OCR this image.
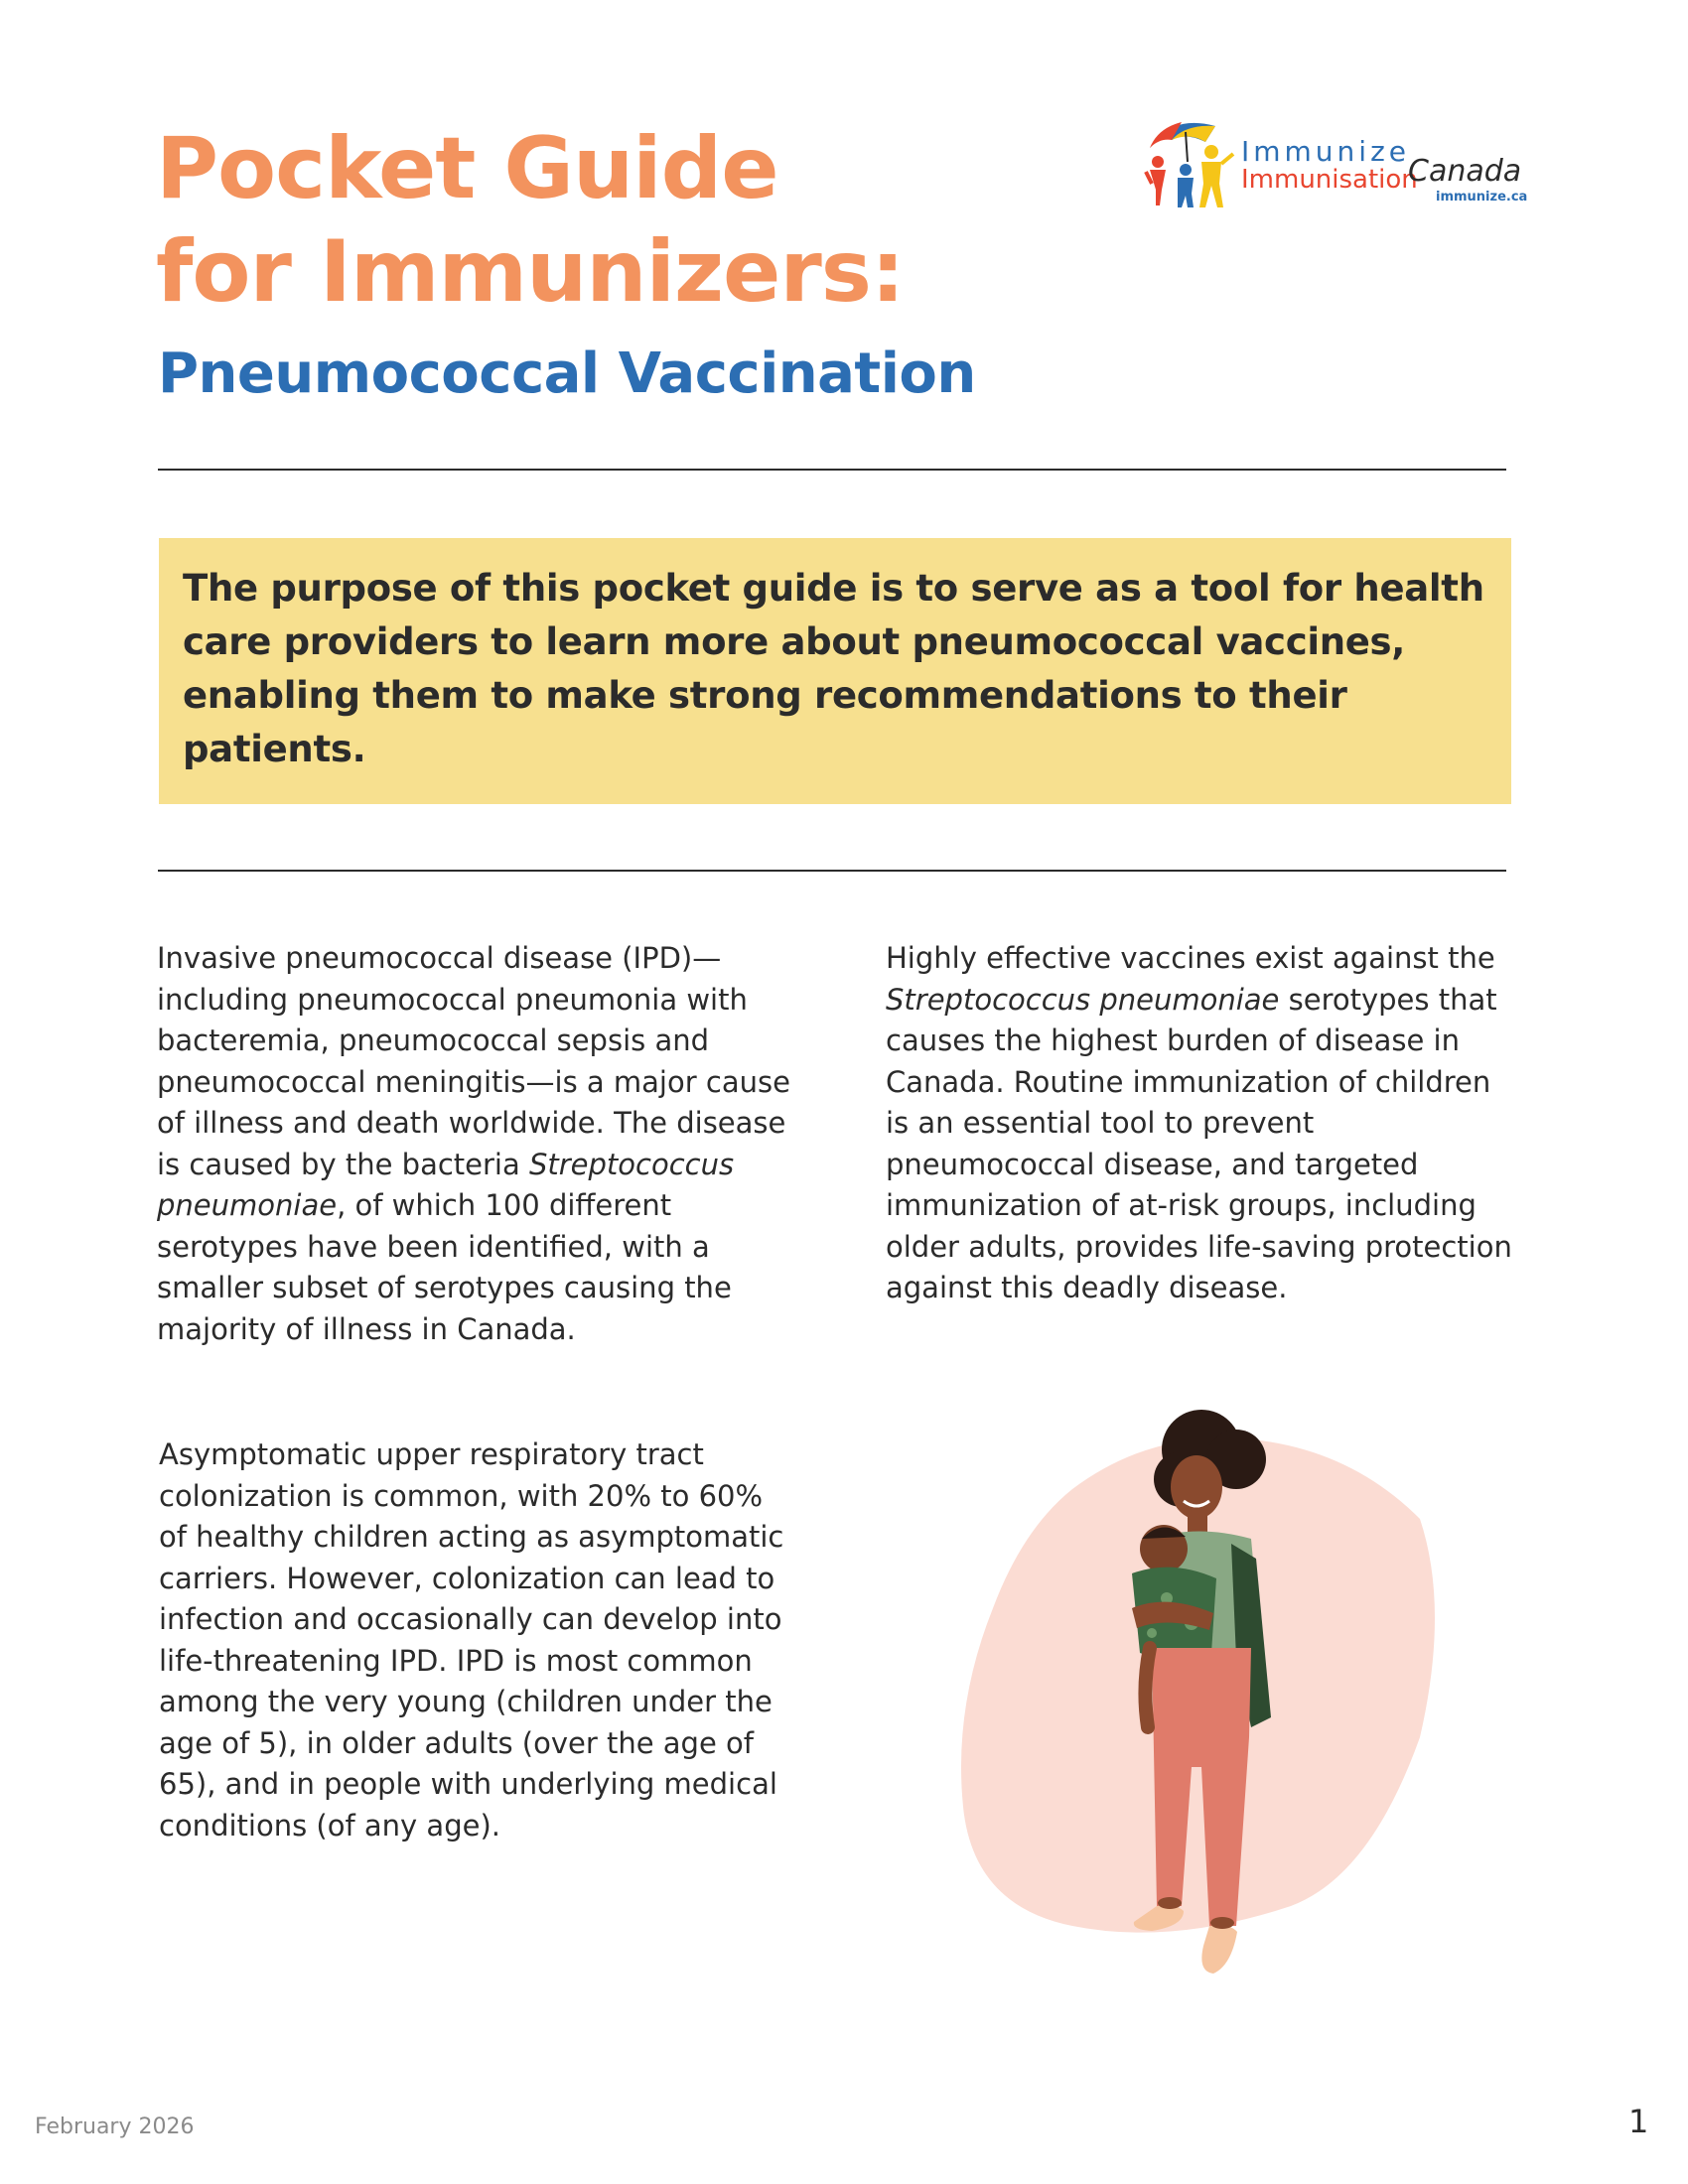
Pocket Guide
for Immunizers:
Pneumococcal Vaccination
Immunize
Immunisation
Canada
immunize.ca

The purpose of this pocket guide is to serve as a tool for health care providers to learn more about pneumococcal vaccines, enabling them to make strong recommendations to their patients.

Invasive pneumococcal disease (IPD)—including pneumococcal pneumonia with bacteremia, pneumococcal sepsis and pneumococcal meningitis—is a major cause of illness and death worldwide. The disease is caused by the bacteria Streptococcus pneumoniae, of which 100 different serotypes have been identified, with a smaller subset of serotypes causing the majority of illness in Canada.

Asymptomatic upper respiratory tract colonization is common, with 20% to 60% of healthy children acting as asymptomatic carriers. However, colonization can lead to infection and occasionally can develop into life-threatening IPD. IPD is most common among the very young (children under the age of 5), in older adults (over the age of 65), and in people with underlying medical conditions (of any age).

Highly effective vaccines exist against the Streptococcus pneumoniae serotypes that causes the highest burden of disease in Canada. Routine immunization of children is an essential tool to prevent pneumococcal disease, and targeted immunization of at-risk groups, including older adults, provides life-saving protection against this deadly disease.

February 2026	1
